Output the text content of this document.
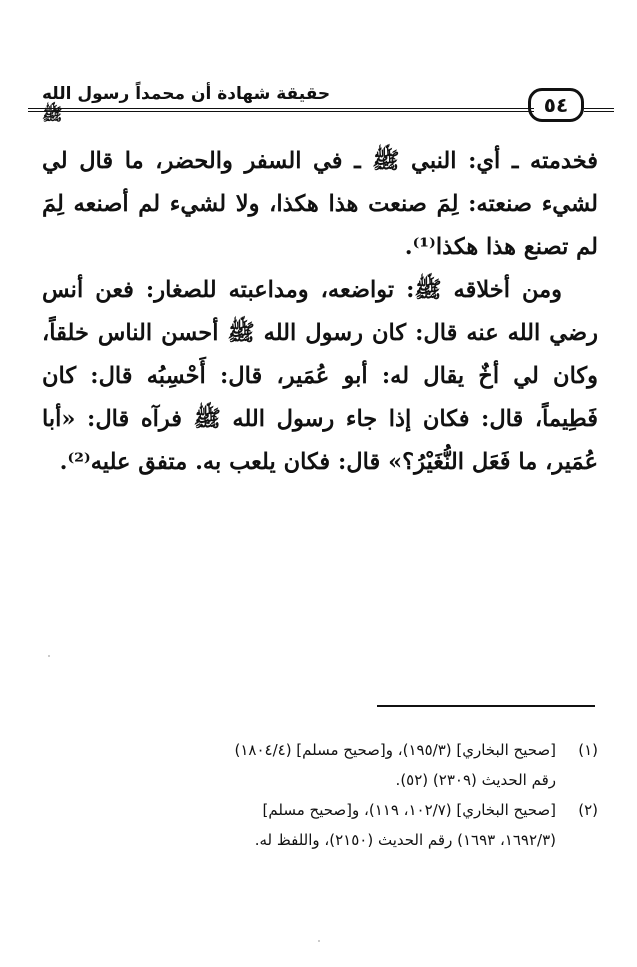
حقيقة شهادة أن محمداً رسول الله ﷺ	٥٤

فخدمته ـ أي: النبي ﷺ ـ في السفر والحضر، ما قال لي لشيء صنعته: لِمَ صنعت هذا هكذا، ولا لشيء لم أصنعه لِمَ لم تصنع هذا هكذا⁽¹⁾.

ومن أخلاقه ﷺ: تواضعه، ومداعبته للصغار: فعن أنس رضي الله عنه قال: كان رسول الله ﷺ أحسن الناس خلقاً، وكان لي أخٌ يقال له: أبو عُمَير، قال: أَحْسِبُه قال: كان فَطِيماً، قال: فكان إذا جاء رسول الله ﷺ فرآه قال: «أبا عُمَير، ما فَعَل النُّغَيْرُ؟» قال: فكان يلعب به. متفق عليه⁽²⁾.

(١)
[صحيح البخاري] (١٩٥/٣)، و[صحيح مسلم] (١٨٠٤/٤)
رقم الحديث (٢٣٠٩) (٥٢).
(٢)
[صحيح البخاري] (١٠٢/٧، ١١٩)، و[صحيح مسلم]
(١٦٩٢/٣، ١٦٩٣) رقم الحديث (٢١٥٠)، واللفظ له.
